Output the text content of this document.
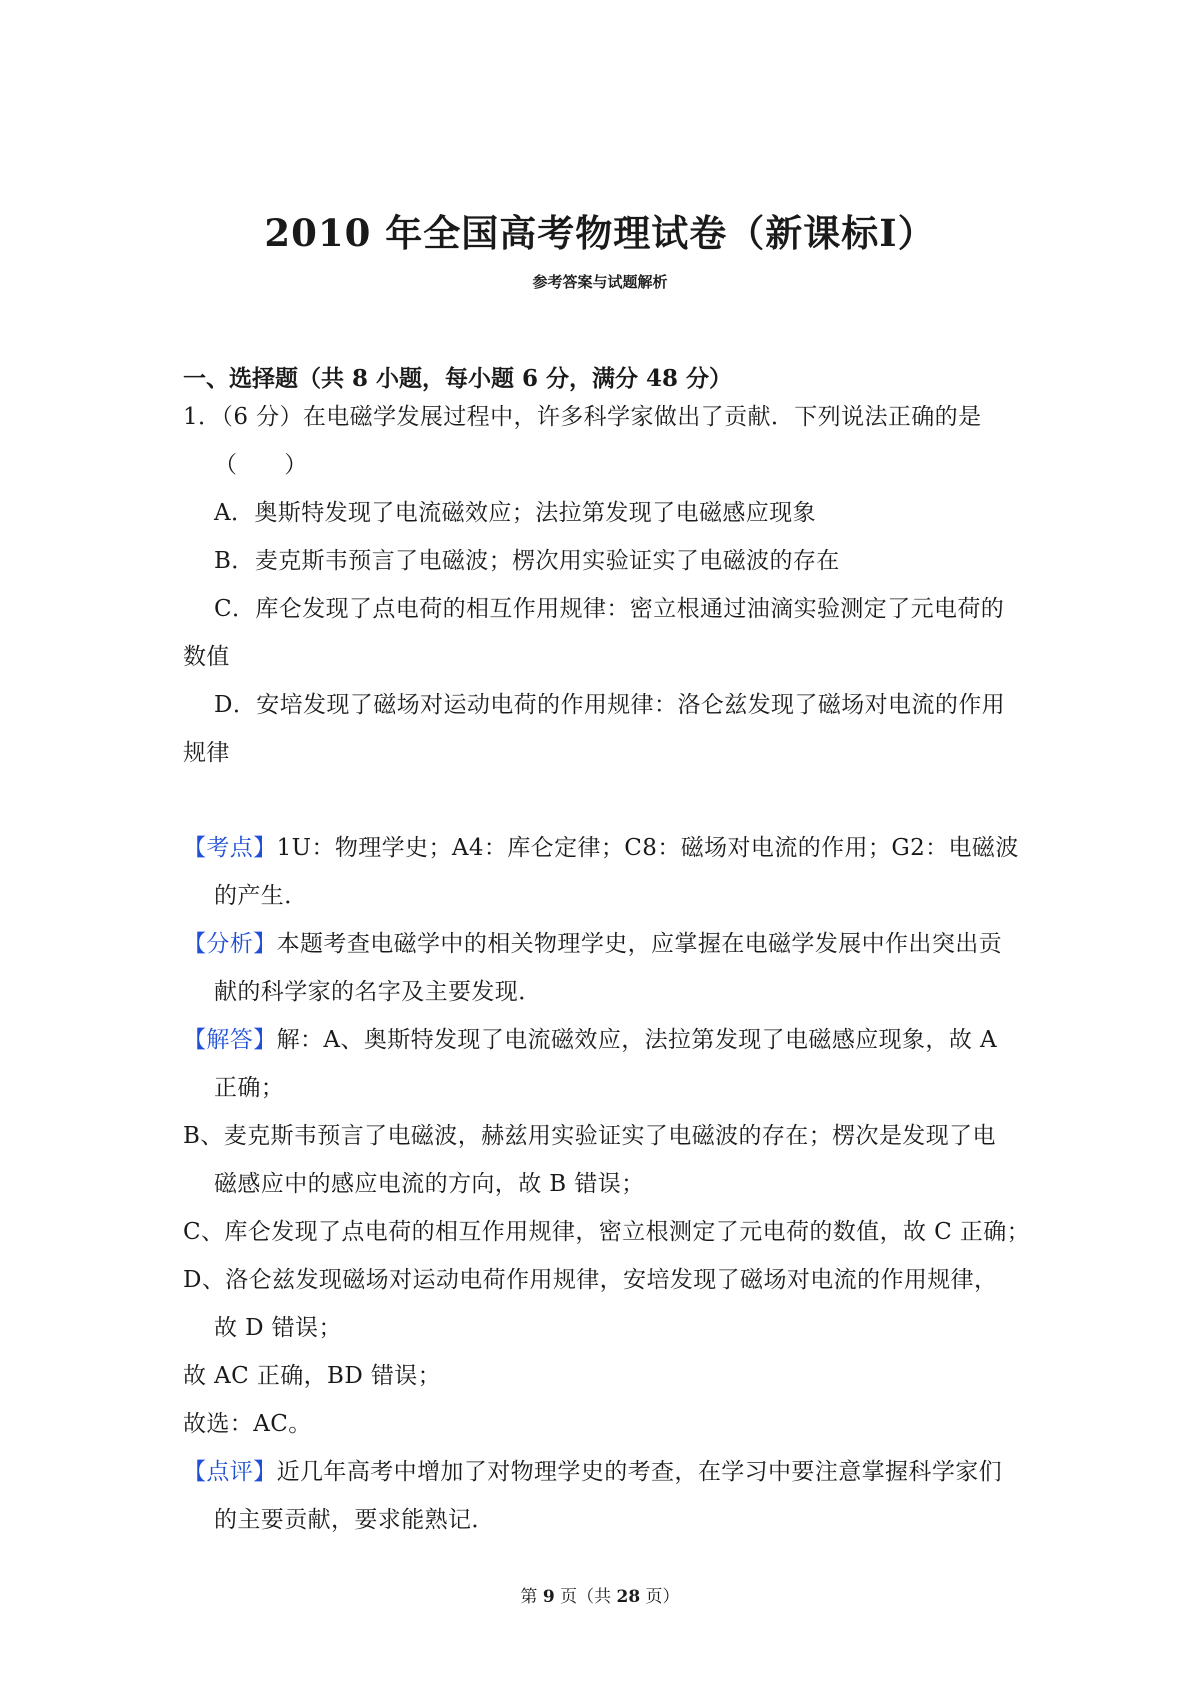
2010 年全国高考物理试卷（新课标Ⅰ）
参考答案与试题解析
一、选择题（共 8 小题，每小题 6 分，满分 48 分）
1．（6 分）在电磁学发展过程中，许多科学家做出了贡献．下列说法正确的是
（　　）
A．奥斯特发现了电流磁效应；法拉第发现了电磁感应现象
B．麦克斯韦预言了电磁波；楞次用实验证实了电磁波的存在
C．库仑发现了点电荷的相互作用规律：密立根通过油滴实验测定了元电荷的
数值
D．安培发现了磁场对运动电荷的作用规律：洛仑兹发现了磁场对电流的作用
规律
【考点】1U：物理学史；A4：库仑定律；C8：磁场对电流的作用；G2：电磁波
的产生．
【分析】本题考查电磁学中的相关物理学史，应掌握在电磁学发展中作出突出贡
献的科学家的名字及主要发现．
【解答】解：A、奥斯特发现了电流磁效应，法拉第发现了电磁感应现象，故 A
正确；
B、麦克斯韦预言了电磁波，赫兹用实验证实了电磁波的存在；楞次是发现了电
磁感应中的感应电流的方向，故 B 错误；
C、库仑发现了点电荷的相互作用规律，密立根测定了元电荷的数值，故 C 正确；
D、洛仑兹发现磁场对运动电荷作用规律，安培发现了磁场对电流的作用规律，
故 D 错误；
故 AC 正确，BD 错误；
故选：AC。
【点评】近几年高考中增加了对物理学史的考查，在学习中要注意掌握科学家们
的主要贡献，要求能熟记．
第 9 页（共 28 页）
